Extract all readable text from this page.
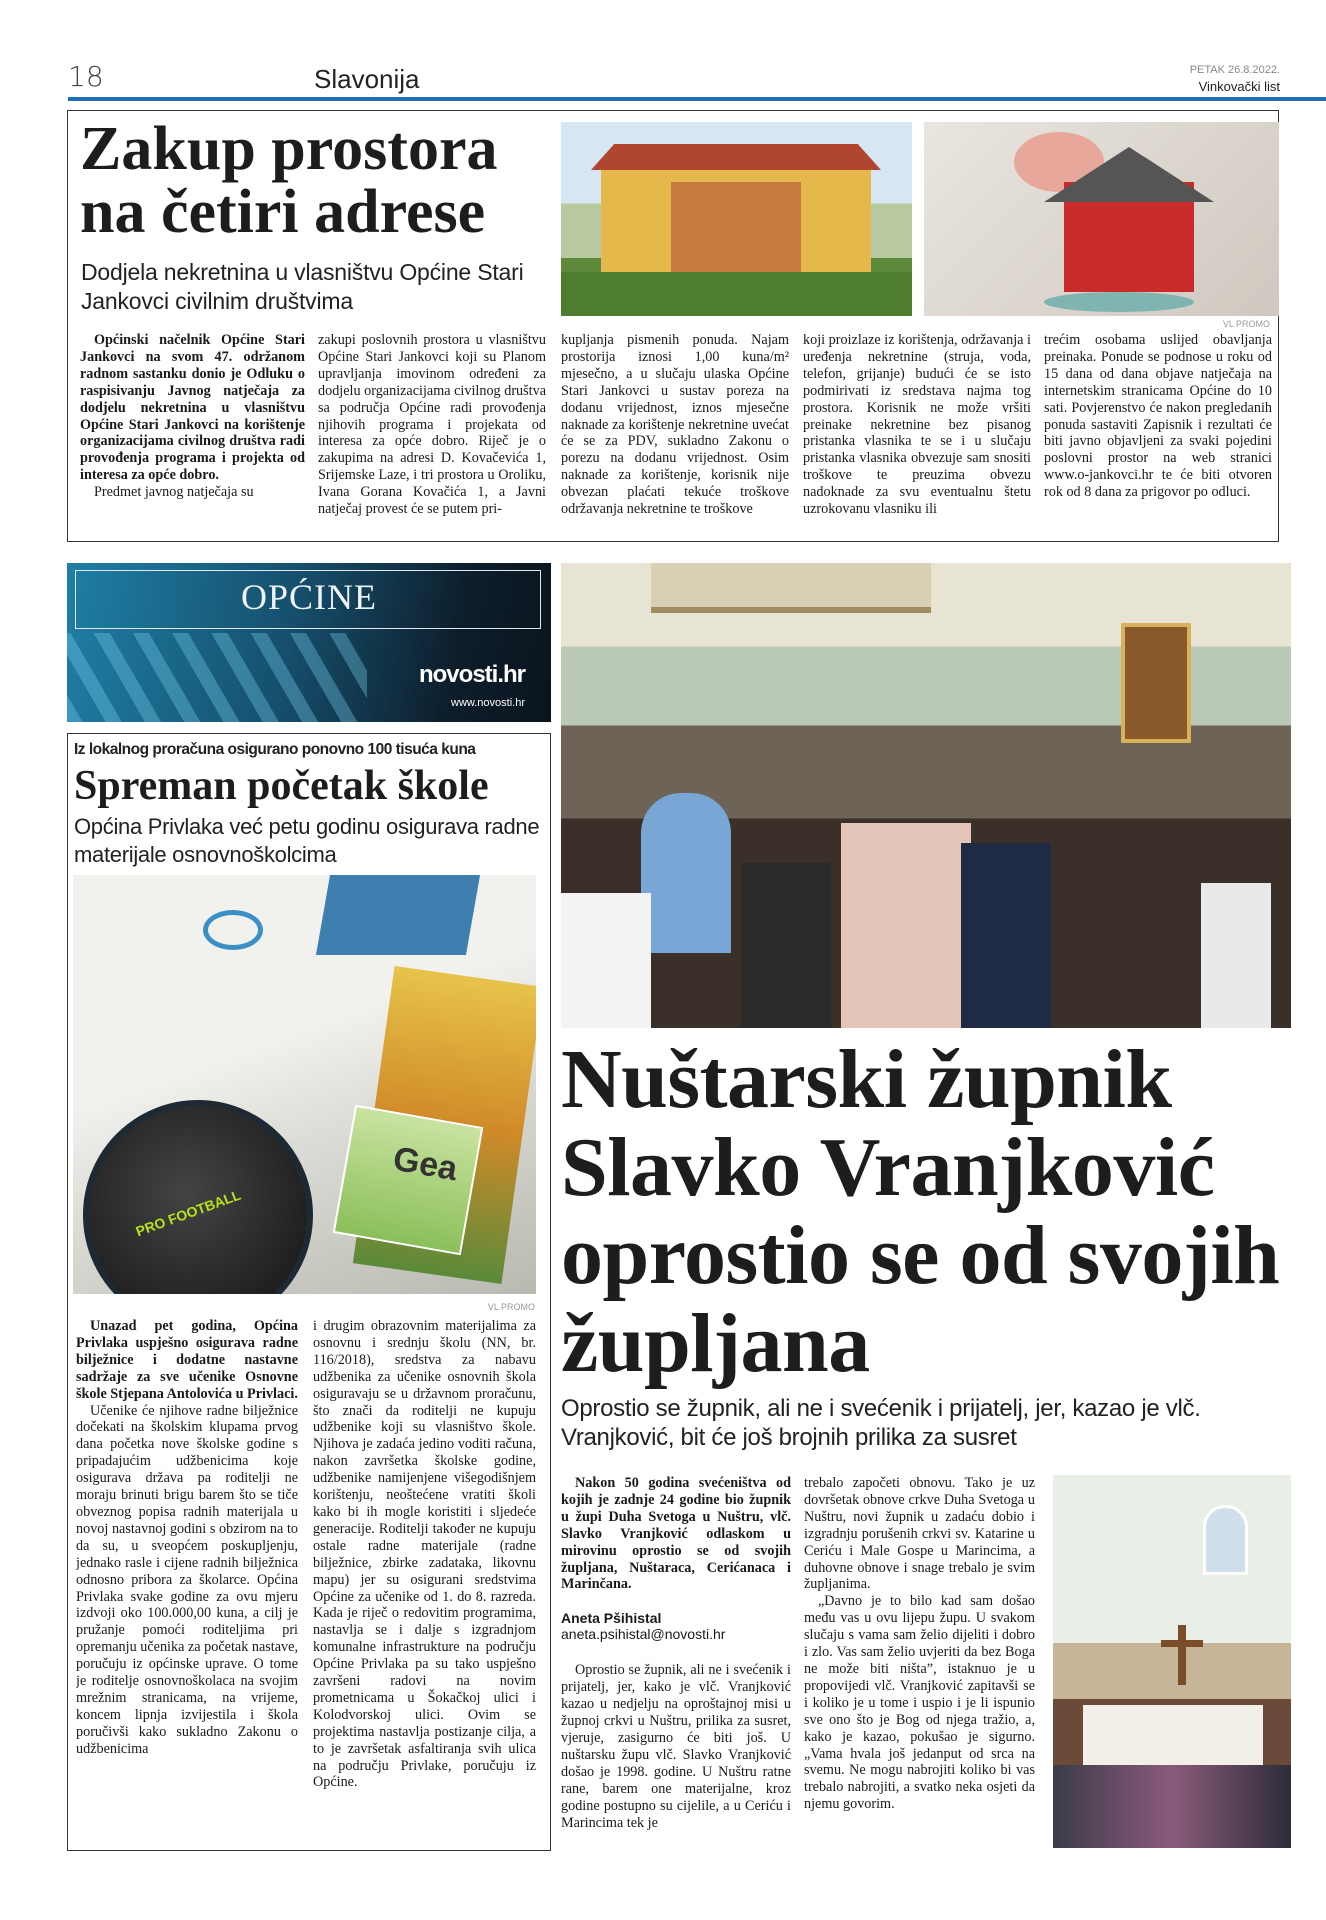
18	Slavonija	PETAK 26.8.2022.
Vinkovački list
Zakup prostora na četiri adrese
Dodjela nekretnina u vlasništvu Općine Stari Jankovci civilnim društvima
VL PROMO

Općinski načelnik Općine Stari Jankovci na svom 47. održanom radnom sastanku donio je Odluku o raspisivanju Javnog natječaja za dodjelu nekretnina u vlasništvu Općine Stari Jankovci na korištenje organizacijama civilnog društva radi provođenja programa i projekta od interesa za opće dobro.

Predmet javnog natječaja su

zakupi poslovnih prostora u vlasništvu Općine Stari Jankovci koji su Planom upravljanja imovinom određeni za dodjelu organizacijama civilnog društva sa područja Općine radi provođenja njihovih programa i projekata od interesa za opće dobro. Riječ je o zakupima na adresi D. Kovačevića 1, Srijemske Laze, i tri prostora u Oroliku, Ivana Gorana Kovačića 1, a Javni natječaj provest će se putem pri-

kupljanja pismenih ponuda. Najam prostorija iznosi 1,00 kuna/m² mjesečno, a u slučaju ulaska Općine Stari Jankovci u sustav poreza na dodanu vrijednost, iznos mjesečne naknade za korištenje nekretnine uvećat će se za PDV, sukladno Zakonu o porezu na dodanu vrijednost. Osim naknade za korištenje, korisnik nije obvezan plaćati tekuće troškove održavanja nekretnine te troškove

koji proizlaze iz korištenja, održavanja i uređenja nekretnine (struja, voda, telefon, grijanje) budući će se isto podmirivati iz sredstava najma tog prostora. Korisnik ne može vršiti preinake nekretnine bez pisanog pristanka vlasnika te se i u slučaju pristanka vlasnika obvezuje sam snositi troškove te preuzima obvezu nadoknade za svu eventualnu štetu uzrokovanu vlasniku ili

trećim osobama uslijed obavljanja preinaka. Ponude se podnose u roku od 15 dana od dana objave natječaja na internetskim stranicama Općine do 10 sati. Povjerenstvo će nakon pregledanih ponuda sastaviti Zapisnik i rezultati će biti javno objavljeni za svaki pojedini poslovni prostor na web stranici www.o-jankovci.hr te će biti otvoren rok od 8 dana za prigovor po odluci.

OPĆINE
novosti.hr
www.novosti.hr
Iz lokalnog proračuna osigurano ponovno 100 tisuća kuna
Spreman početak škole
Općina Privlaka već petu godinu osigurava radne materijale osnovnoškolcima
Gea
PRO FOOTBALL
VL PROMO

Unazad pet godina, Općina Privlaka uspješno osigurava radne bilježnice i dodatne nastavne sadržaje za sve učenike Osnovne škole Stjepana Antolovića u Privlaci.

Učenike će njihove radne bilježnice dočekati na školskim klupama prvog dana početka nove školske godine s pripadajućim udžbenicima koje osigurava država pa roditelji ne moraju brinuti brigu barem što se tiče obveznog popisa radnih materijala u novoj nastavnoj godini s obzirom na to da su, u sveopćem poskupljenju, jednako rasle i cijene radnih bilježnica odnosno pribora za školarce. Općina Privlaka svake godine za ovu mjeru izdvoji oko 100.000,00 kuna, a cilj je pružanje pomoći roditeljima pri opremanju učenika za početak nastave, poručuju iz općinske uprave. O tome je roditelje osnovnoškolaca na svojim mrežnim stranicama, na vrijeme, koncem lipnja izvijestila i škola poručivši kako sukladno Zakonu o udžbenicima

i drugim obrazovnim materijalima za osnovnu i srednju školu (NN, br. 116/2018), sredstva za nabavu udžbenika za učenike osnovnih škola osiguravaju se u državnom proračunu, što znači da roditelji ne kupuju udžbenike koji su vlasništvo škole. Njihova je zadaća jedino voditi računa, nakon završetka školske godine, udžbenike namijenjene višegodišnjem korištenju, neoštećene vratiti školi kako bi ih mogle koristiti i sljedeće generacije. Roditelji također ne kupuju ostale radne materijale (radne bilježnice, zbirke zadataka, likovnu mapu) jer su osigurani sredstvima Općine za učenike od 1. do 8. razreda. Kada je riječ o redovitim programima, nastavlja se i dalje s izgradnjom komunalne infrastrukture na području Općine Privlaka pa su tako uspješno završeni radovi na novim prometnicama u Šokačkoj ulici i Kolodvorskoj ulici. Ovim se projektima nastavlja postizanje cilja, a to je završetak asfaltiranja svih ulica na području Privlake, poručuju iz Općine.

Nuštarski župnik Slavko Vranjković oprostio se od svojih župljana
Oprostio se župnik, ali ne i svećenik i prijatelj, jer, kazao je vlč. Vranjković, bit će još brojnih prilika za susret

Nakon 50 godina svećeništva od kojih je zadnje 24 godine bio župnik u župi Duha Svetoga u Nuštru, vlč. Slavko Vranjković odlaskom u mirovinu oprostio se od svojih župljana, Nuštaraca, Cerićanaca i Marinčana.

Aneta Pšihistal
aneta.psihistal@novosti.hr

Oprostio se župnik, ali ne i svećenik i prijatelj, jer, kako je vlč. Vranjković kazao u nedjelju na oproštajnoj misi u župnoj crkvi u Nuštru, prilika za susret, vjeruje, zasigurno će biti još. U nuštarsku župu vlč. Slavko Vranjković došao je 1998. godine. U Nuštru ratne rane, barem one materijalne, kroz godine postupno su cijelile, a u Ceriću i Marincima tek je

trebalo započeti obnovu. Tako je uz dovršetak obnove crkve Duha Svetoga u Nuštru, novi župnik u zadaću dobio i izgradnju porušenih crkvi sv. Katarine u Ceriću i Male Gospe u Marincima, a duhovne obnove i snage trebalo je svim župljanima.

„Davno je to bilo kad sam došao među vas u ovu lijepu župu. U svakom slučaju s vama sam želio dijeliti i dobro i zlo. Vas sam želio uvjeriti da bez Boga ne može biti ništa”, istaknuo je u propovijedi vlč. Vranjković zapitavši se i koliko je u tome i uspio i je li ispunio sve ono što je Bog od njega tražio, a, kako je kazao, pokušao je sigurno. „Vama hvala još jedanput od srca na svemu. Ne mogu nabrojiti koliko bi vas trebalo nabrojiti, a svatko neka osjeti da njemu govorim.
